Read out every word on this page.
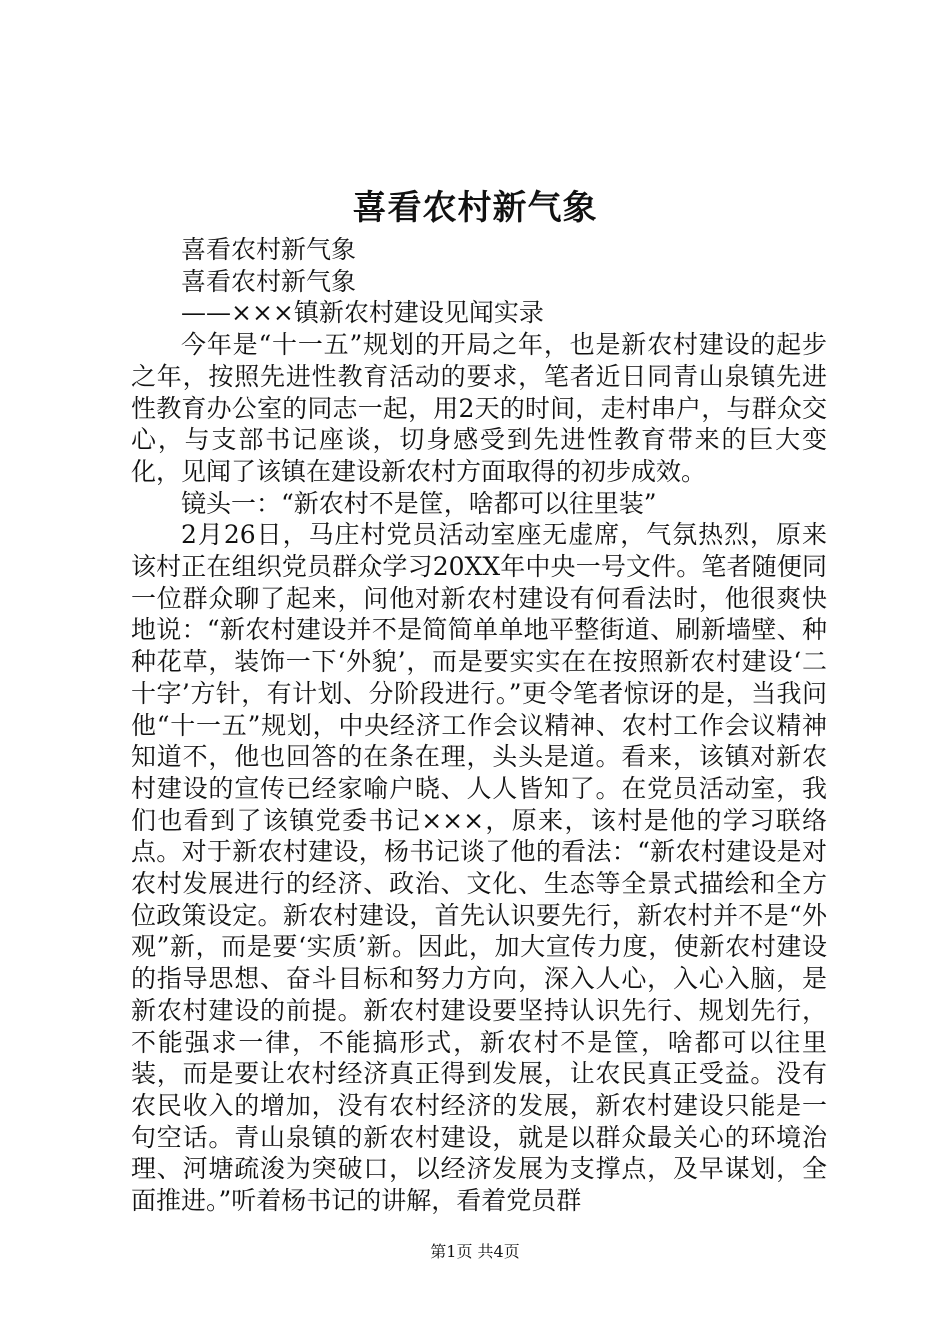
喜看农村新气象

喜看农村新气象

喜看农村新气象

——×××镇新农村建设见闻实录

今年是“十一五”规划的开局之年，也是新农村建设的起步之年，按照先进性教育活动的要求，笔者近日同青山泉镇先进性教育办公室的同志一起，用2天的时间，走村串户，与群众交心，与支部书记座谈，切身感受到先进性教育带来的巨大变化，见闻了该镇在建设新农村方面取得的初步成效。

镜头一：“新农村不是筐，啥都可以往里装”

2月26日，马庄村党员活动室座无虚席，气氛热烈，原来该村正在组织党员群众学习20XX年中央一号文件。笔者随便同一位群众聊了起来，问他对新农村建设有何看法时，他很爽快地说：“新农村建设并不是简简单单地平整街道、刷新墙壁、种种花草，装饰一下‘外貌’，而是要实实在在按照新农村建设‘二十字’方针，有计划、分阶段进行。”更令笔者惊讶的是，当我问他“十一五”规划，中央经济工作会议精神、农村工作会议精神知道不，他也回答的在条在理，头头是道。看来，该镇对新农村建设的宣传已经家喻户晓、人人皆知了。在党员活动室，我们也看到了该镇党委书记×××，原来，该村是他的学习联络点。对于新农村建设，杨书记谈了他的看法：“新农村建设是对农村发展进行的经济、政治、文化、生态等全景式描绘和全方位政策设定。新农村建设，首先认识要先行，新农村并不是“外观”新，而是要‘实质’新。因此，加大宣传力度，使新农村建设的指导思想、奋斗目标和努力方向，深入人心，入心入脑，是新农村建设的前提。新农村建设要坚持认识先行、规划先行，不能强求一律，不能搞形式，新农村不是筐，啥都可以往里装，而是要让农村经济真正得到发展，让农民真正受益。没有农民收入的增加，没有农村经济的发展，新农村建设只能是一句空话。青山泉镇的新农村建设，就是以群众最关心的环境治理、河塘疏浚为突破口，以经济发展为支撑点，及早谋划，全面推进。”听着杨书记的讲解，看着党员群

第1页 共4页
